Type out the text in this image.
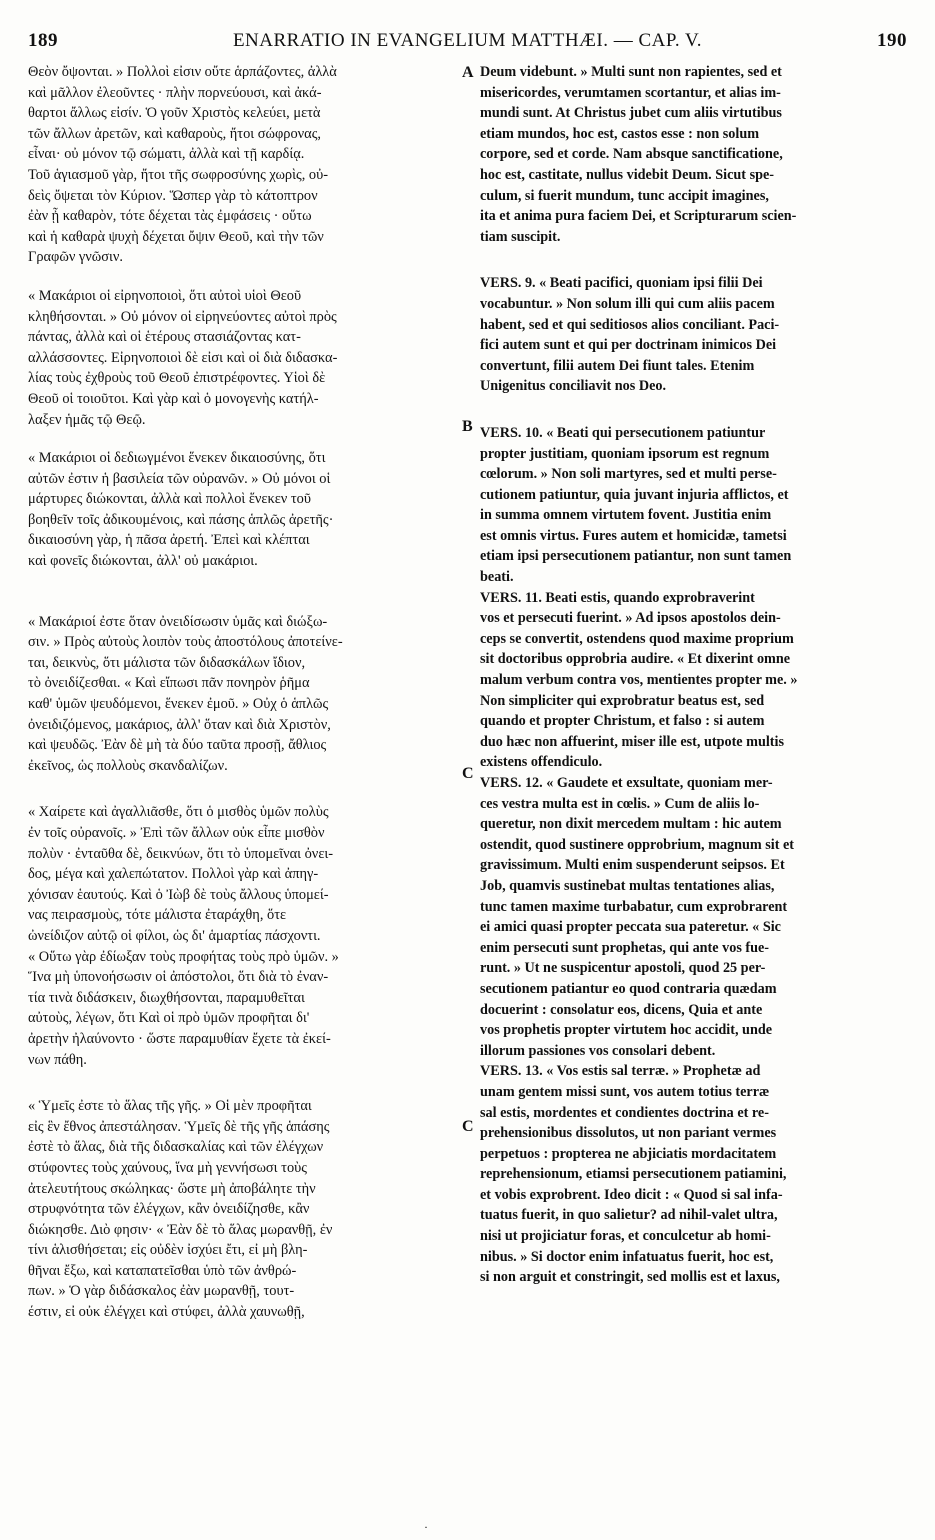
189	ENARRATIO IN EVANGELIUM MATTHÆI. — CAP. V.	190

Θεὸν ὄψονται. » Πολλοὶ εἰσιν οὔτε ἁρπάζοντες, ἀλλὰ
καὶ μᾶλλον ἐλεοῦντες · πλὴν πορνεύουσι, καὶ ἀκά-
θαρτοι ἄλλως εἰσίν. Ὁ γοῦν Χριστὸς κελεύει, μετὰ
τῶν ἄλλων ἀρετῶν, καὶ καθαροὺς, ἤτοι σώφρονας,
εἶναι· οὐ μόνον τῷ σώματι, ἀλλὰ καὶ τῇ καρδίᾳ.
Τοῦ ἁγιασμοῦ γὰρ, ἤτοι τῆς σωφροσύνης χωρὶς, οὐ-
δεὶς ὄψεται τὸν Κύριον. Ὥσπερ γὰρ τὸ κάτοπτρον
ἐὰν ᾖ καθαρὸν, τότε δέχεται τὰς ἐμφάσεις · οὕτω
καὶ ἡ καθαρὰ ψυχὴ δέχεται ὄψιν Θεοῦ, καὶ τὴν τῶν
Γραφῶν γνῶσιν.

« Μακάριοι οἱ εἰρηνοποιοὶ, ὅτι αὐτοὶ υἱοὶ Θεοῦ
κληθήσονται. » Οὐ μόνον οἱ εἰρηνεύοντες αὐτοὶ πρὸς
πάντας, ἀλλὰ καὶ οἱ ἑτέρους στασιάζοντας κατ-
αλλάσσοντες. Εἰρηνοποιοὶ δὲ εἰσι καὶ οἱ διὰ διδασκα-
λίας τοὺς ἐχθροὺς τοῦ Θεοῦ ἐπιστρέφοντες. Υἱοὶ δὲ
Θεοῦ οἱ τοιοῦτοι. Καὶ γὰρ καὶ ὁ μονογενὴς κατήλ-
λαξεν ἡμᾶς τῷ Θεῷ.

« Μακάριοι οἱ δεδιωγμένοι ἕνεκεν δικαιοσύνης, ὅτι
αὐτῶν ἐστιν ἡ βασιλεία τῶν οὐρανῶν. » Οὐ μόνοι οἱ
μάρτυρες διώκονται, ἀλλὰ καὶ πολλοὶ ἕνεκεν τοῦ
βοηθεῖν τοῖς ἀδικουμένοις, καὶ πάσης ἁπλῶς ἀρετῆς·
δικαιοσύνη γὰρ, ἡ πᾶσα ἀρετή. Ἐπεὶ καὶ κλέπται
καὶ φονεῖς διώκονται, ἀλλ' οὐ μακάριοι.

« Μακάριοί ἐστε ὅταν ὀνειδίσωσιν ὑμᾶς καὶ διώξω-
σιν. » Πρὸς αὐτοὺς λοιπὸν τοὺς ἀποστόλους ἀποτείνε-
ται, δεικνὺς, ὅτι μάλιστα τῶν διδασκάλων ἴδιον,
τὸ ὀνειδίζεσθαι. « Καὶ εἴπωσι πᾶν πονηρὸν ῥῆμα
καθ' ὑμῶν ψευδόμενοι, ἕνεκεν ἐμοῦ. » Οὐχ ὁ ἁπλῶς
ὀνειδιζόμενος, μακάριος, ἀλλ' ὅταν καὶ διὰ Χριστὸν,
καὶ ψευδῶς. Ἐὰν δὲ μὴ τὰ δύο ταῦτα προσῇ, ἄθλιος
ἐκεῖνος, ὡς πολλοὺς σκανδαλίζων.

« Χαίρετε καὶ ἀγαλλιᾶσθε, ὅτι ὁ μισθὸς ὑμῶν πολὺς
ἐν τοῖς οὐρανοῖς. » Ἐπὶ τῶν ἄλλων οὐκ εἶπε μισθὸν
πολὺν · ἐνταῦθα δὲ, δεικνύων, ὅτι τὸ ὑπομεῖναι ὀνει-
δος, μέγα καὶ χαλεπώτατον. Πολλοὶ γὰρ καὶ ἀπηγ-
χόνισαν ἑαυτούς. Καὶ ὁ Ἰὼβ δὲ τοὺς ἄλλους ὑπομεί-
νας πειρασμοὺς, τότε μάλιστα ἐταράχθη, ὅτε
ὠνείδιζον αὐτῷ οἱ φίλοι, ὡς δι' ἁμαρτίας πάσχοντι.
« Οὕτω γὰρ ἐδίωξαν τοὺς προφήτας τοὺς πρὸ ὑμῶν. »
Ἵνα μὴ ὑπονοήσωσιν οἱ ἀπόστολοι, ὅτι διὰ τὸ ἐναν-
τία τινὰ διδάσκειν, διωχθήσονται, παραμυθεῖται
αὐτοὺς, λέγων, ὅτι Καὶ οἱ πρὸ ὑμῶν προφῆται δι'
ἀρετὴν ἠλαύνοντο · ὥστε παραμυθίαν ἔχετε τὰ ἐκεί-
νων πάθη.

« Ὑμεῖς ἐστε τὸ ἅλας τῆς γῆς. » Οἱ μὲν προφῆται
εἰς ἓν ἔθνος ἀπεστάλησαν. Ὑμεῖς δὲ τῆς γῆς ἁπάσης
ἐστὲ τὸ ἅλας, διὰ τῆς διδασκαλίας καὶ τῶν ἐλέγχων
στύφοντες τοὺς χαύνους, ἵνα μὴ γεννήσωσι τοὺς
ἀτελευτήτους σκώληκας· ὥστε μὴ ἀποβάλητε τὴν
στρυφνότητα τῶν ἐλέγχων, κἂν ὀνειδίζησθε, κἂν
διώκησθε. Διὸ φησιν· « Ἐὰν δὲ τὸ ἅλας μωρανθῇ, ἐν
τίνι ἁλισθήσεται; εἰς οὐδὲν ἰσχύει ἔτι, εἰ μὴ βλη-
θῆναι ἔξω, καὶ καταπατεῖσθαι ὑπὸ τῶν ἀνθρώ-
πων. » Ὁ γὰρ διδάσκαλος ἐὰν μωρανθῇ, τουτ-
έστιν, εἰ οὐκ ἐλέγχει καὶ στύφει, ἀλλὰ χαυνωθῇ,

Deum videbunt. » Multi sunt non rapientes, sed et
misericordes, verumtamen scortantur, et alias im-
mundi sunt. At Christus jubet cum aliis virtutibus
etiam mundos, hoc est, castos esse : non solum
corpore, sed et corde. Nam absque sanctificatione,
hoc est, castitate, nullus videbit Deum. Sicut spe-
culum, si fuerit mundum, tunc accipit imagines,
ita et anima pura faciem Dei, et Scripturarum scien-
tiam suscipit.

VERS. 9. « Beati pacifici, quoniam ipsi filii Dei
vocabuntur. » Non solum illi qui cum aliis pacem
habent, sed et qui seditiosos alios conciliant. Paci-
fici autem sunt et qui per doctrinam inimicos Dei
convertunt, filii autem Dei fiunt tales. Etenim
Unigenitus conciliavit nos Deo.

VERS. 10. « Beati qui persecutionem patiuntur
propter justitiam, quoniam ipsorum est regnum
cœlorum. » Non soli martyres, sed et multi perse-
cutionem patiuntur, quia juvant injuria afflictos, et
in summa omnem virtutem fovent. Justitia enim
est omnis virtus. Fures autem et homicidæ, tametsi
etiam ipsi persecutionem patiantur, non sunt tamen
beati.

VERS. 11. Beati estis, quando exprobraverint
vos et persecuti fuerint. » Ad ipsos apostolos dein-
ceps se convertit, ostendens quod maxime proprium
sit doctoribus opprobria audire. « Et dixerint omne
malum verbum contra vos, mentientes propter me. »
Non simpliciter qui exprobratur beatus est, sed
quando et propter Christum, et falso : si autem
duo hæc non affuerint, miser ille est, utpote multis
existens offendiculo.

VERS. 12. « Gaudete et exsultate, quoniam mer-
ces vestra multa est in cœlis. » Cum de aliis lo-
queretur, non dixit mercedem multam : hic autem
ostendit, quod sustinere opprobrium, magnum sit et
gravissimum. Multi enim suspenderunt seipsos. Et
Job, quamvis sustinebat multas tentationes alias,
tunc tamen maxime turbabatur, cum exprobrarent
ei amici quasi propter peccata sua pateretur. « Sic
enim persecuti sunt prophetas, qui ante vos fue-
runt. » Ut ne suspicentur apostoli, quod 25 per-
secutionem patiantur eo quod contraria quædam
docuerint : consolatur eos, dicens, Quia et ante
vos prophetis propter virtutem hoc accidit, unde
illorum passiones vos consolari debent.

VERS. 13. « Vos estis sal terræ. » Prophetæ ad
unam gentem missi sunt, vos autem totius terræ
sal estis, mordentes et condientes doctrina et re-
prehensionibus dissolutos, ut non pariant vermes
perpetuos : propterea ne abjiciatis mordacitatem
reprehensionum, etiamsi persecutionem patiamini,
et vobis exprobrent. Ideo dicit : « Quod si sal infa-
tuatus fuerit, in quo salietur? ad nihil-valet ultra,
nisi ut projiciatur foras, et conculcetur ab homi-
nibus. » Si doctor enim infatuatus fuerit, hoc est,
si non arguit et constringit, sed mollis est et laxus,

A
B
C
C
·
